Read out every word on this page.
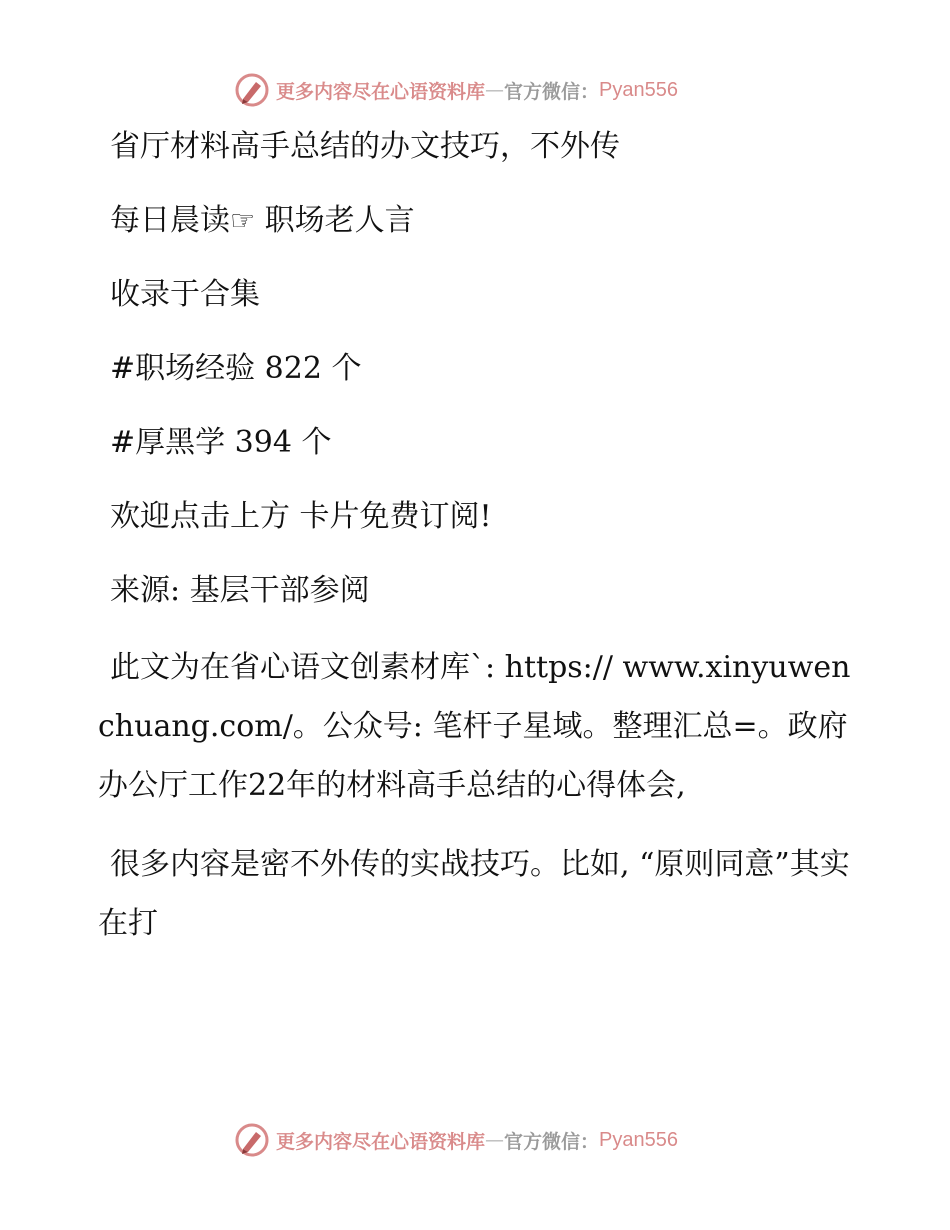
更多内容尽在心语资料库 — 官方微信： Pyan556
省厅材料高手总结的办文技巧，不外传
每日晨读☞ 职场老人言
收录于合集
#职场经验 822 个
#厚黑学 394 个
欢迎点击上方 卡片免费订阅!
来源: 基层干部参阅
此文为在省心语文创素材库`: https:// www.xinyuwenchuang.com/。公众号: 笔杆子星域。整理汇总=。政府办公厅工作22年的材料高手总结的心得体会,
很多内容是密不外传的实战技巧。比如, “原则同意”其实在打
更多内容尽在心语资料库 — 官方微信： Pyan556
